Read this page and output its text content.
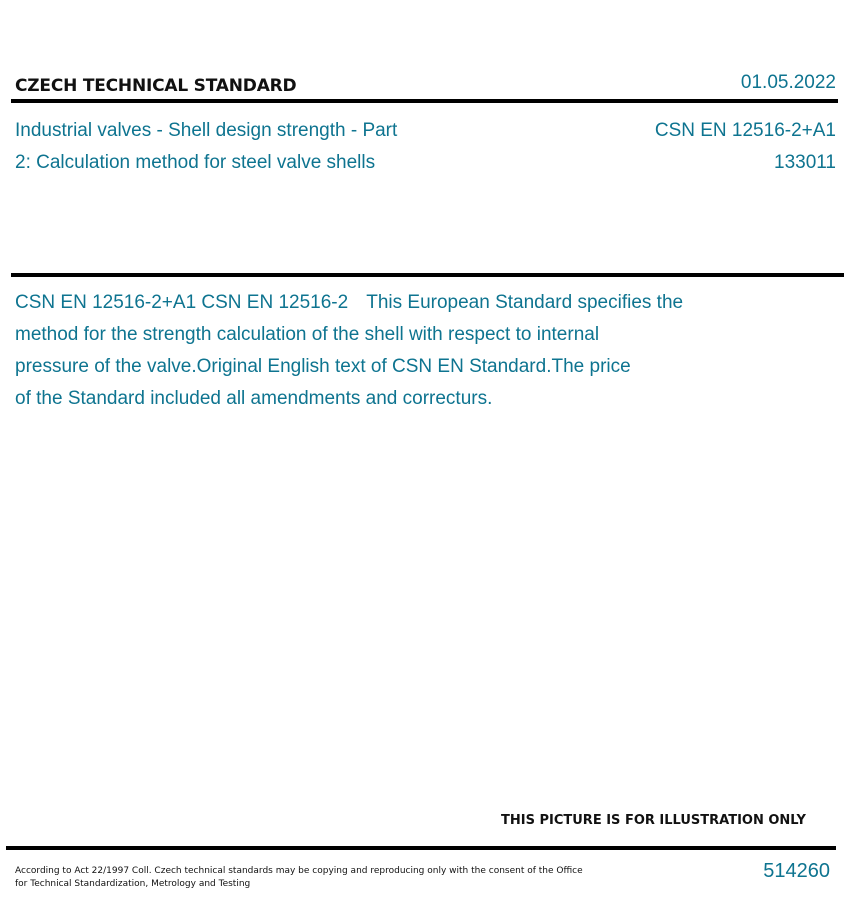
CZECH TECHNICAL STANDARD	01.05.2022
Industrial valves - Shell design strength - Part
2: Calculation method for steel valve shells
CSN EN 12516-2+A1
133011
CSN EN 12516-2+A1 CSN EN 12516-2 This European Standard specifies the
method for the strength calculation of the shell with respect to internal
pressure of the valve.Original English text of CSN EN Standard.The price
of the Standard included all amendments and correcturs.
THIS PICTURE IS FOR ILLUSTRATION ONLY
According to Act 22/1997 Coll. Czech technical standards may be copying and reproducing only with the consent of the Office
for Technical Standardization, Metrology and Testing
514260
